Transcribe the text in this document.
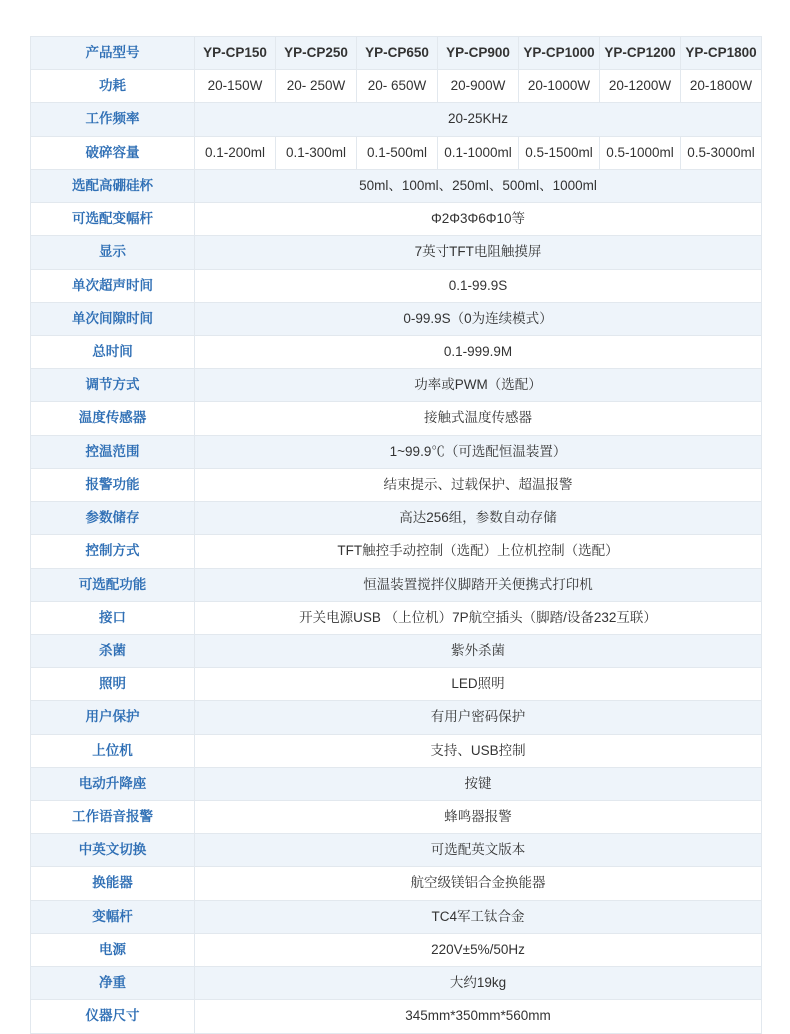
产品型号	YP-CP150	YP-CP250	YP-CP650	YP-CP900	YP-CP1000	YP-CP1200	YP-CP1800
功耗	20-150W	20- 250W	20- 650W	20-900W	20-1000W	20-1200W	20-1800W
工作频率	20-25KHz						
破碎容量	0.1-200ml	0.1-300ml	0.1-500ml	0.1-1000ml	0.5-1500ml	0.5-1000ml	0.5-3000ml
选配高硼硅杯	50ml、100ml、250ml、500ml、1000ml						
可选配变幅杆	Φ2Φ3Φ6Φ10等						
显示	7英寸TFT电阻触摸屏						
单次超声时间	0.1-99.9S						
单次间隙时间	0-99.9S（0为连续模式）						
总时间	0.1-999.9M						
调节方式	功率或PWM（选配）						
温度传感器	接触式温度传感器						
控温范围	1~99.9℃（可选配恒温装置）						
报警功能	结束提示、过载保护、超温报警						
参数储存	高达256组，参数自动存储						
控制方式	TFT触控手动控制（选配）上位机控制（选配）						
可选配功能	恒温装置搅拌仪脚踏开关便携式打印机						
接口	开关电源USB （上位机）7P航空插头（脚踏/设备232互联）						
杀菌	紫外杀菌						
照明	LED照明						
用户保护	有用户密码保护						
上位机	支持、USB控制						
电动升降座	按键						
工作语音报警	蜂鸣器报警						
中英文切换	可选配英文版本						
换能器	航空级镁铝合金换能器						
变幅杆	TC4军工钛合金						
电源	220V±5%/50Hz						
净重	大约19kg						
仪器尺寸	345mm*350mm*560mm						
